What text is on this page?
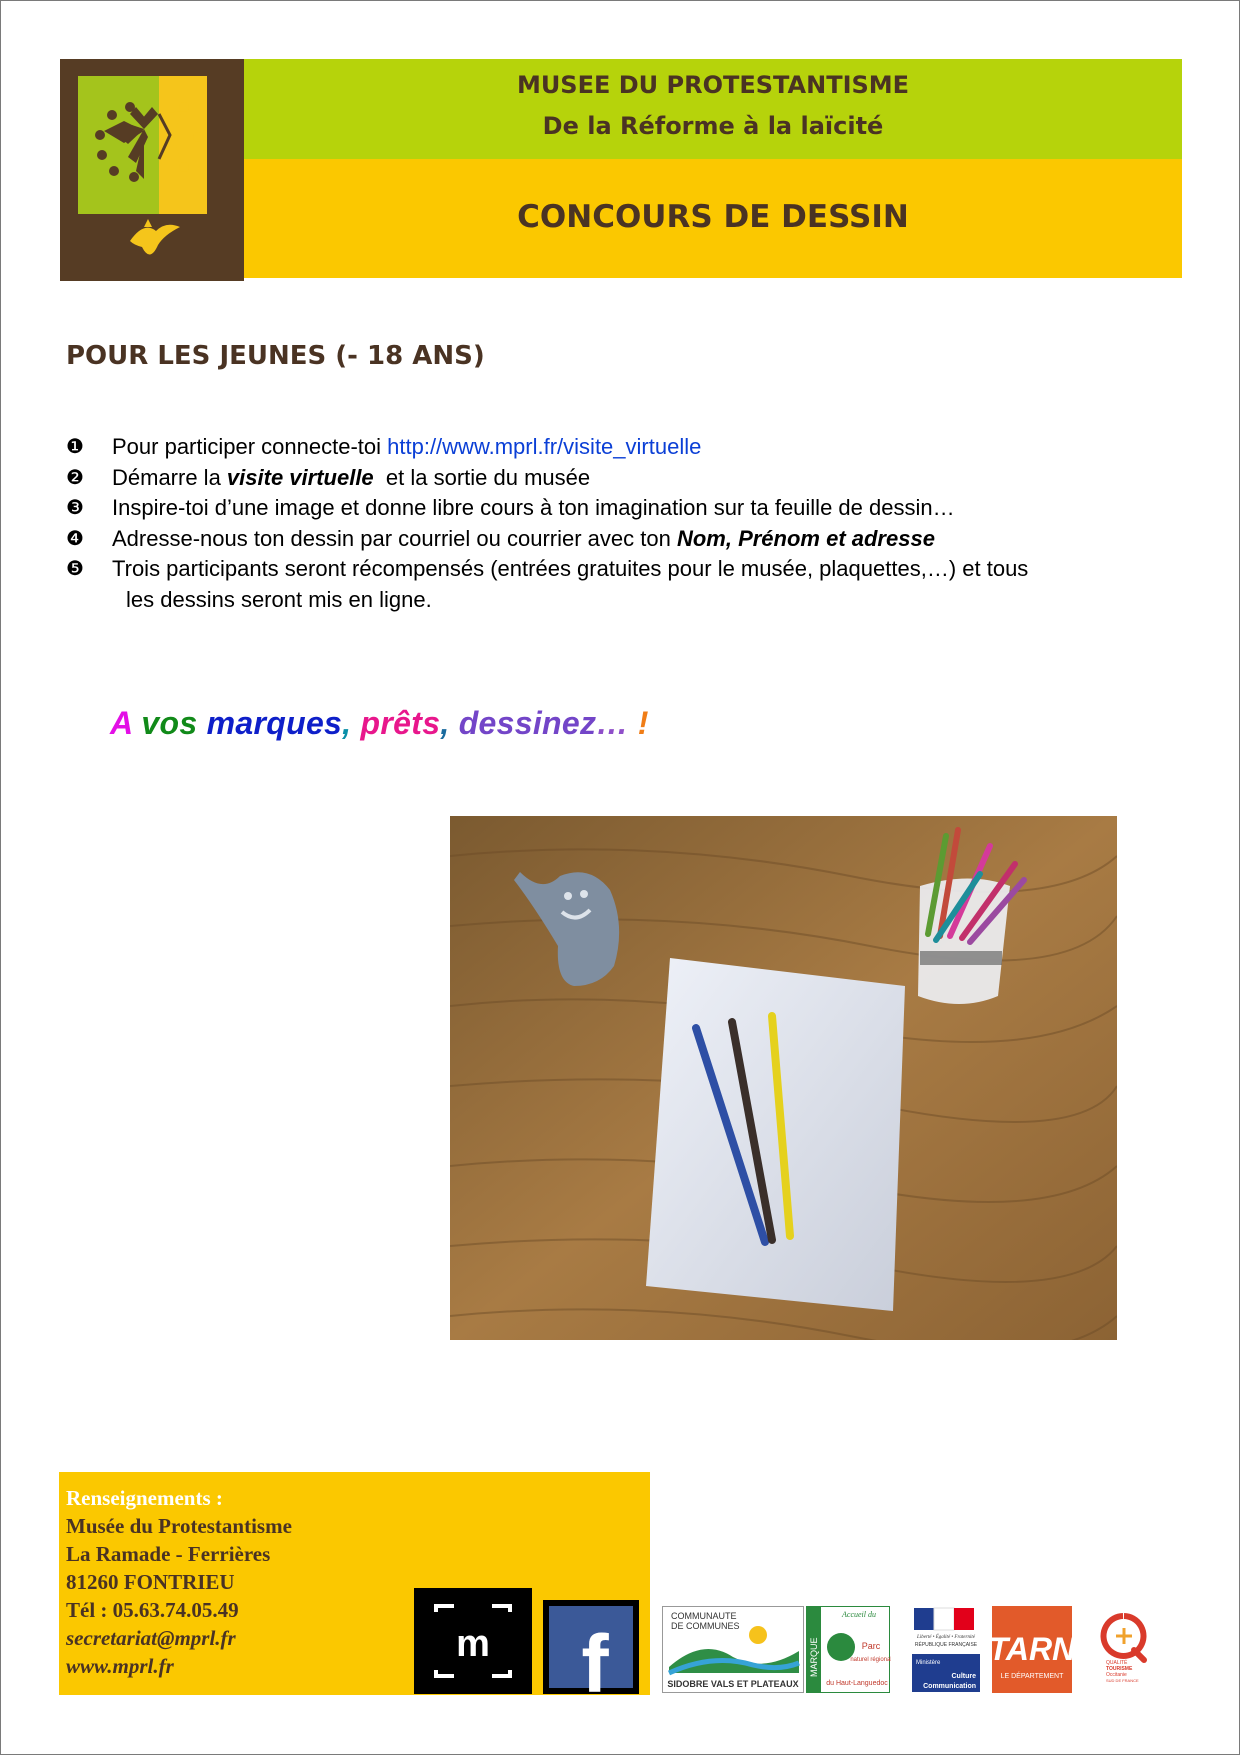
MUSEE DU PROTESTANTISME
De la Réforme à la laïcité
CONCOURS DE DESSIN
POUR LES JEUNES (- 18 ANS)
❶ Pour participer connecte-toi http://www.mprl.fr/visite_virtuelle
❷ Démarre la visite virtuelle  et la sortie du musée
❸ Inspire-toi d’une image et donne libre cours à ton imagination sur ta feuille de dessin…
❹ Adresse-nous ton dessin par courriel ou courrier avec ton Nom, Prénom et adresse
❺ Trois participants seront récompensés (entrées gratuites pour le musée, plaquettes,…) et tous
les dessins seront mis en ligne.
A vos marques, prêts, dessinez… !
Renseignements :
Musée du Protestantisme
La Ramade - Ferrières
81260 FONTRIEU
Tél : 05.63.74.05.49
secretariat@mprl.fr
www.mprl.fr
m f
COMMUNAUTE
DE COMMUNES
SIDOBRE VALS ET PLATEAUX
MARQUE
Accueil du
Parc
naturel régional
du Haut-Languedoc
Liberté • Égalité • Fraternité
RÉPUBLIQUE FRANÇAISE
Ministère
Culture
Communication
TARN
LE DÉPARTEMENT
QUALITÉ
TOURISME
Occitanie
SUD DE FRANCE
